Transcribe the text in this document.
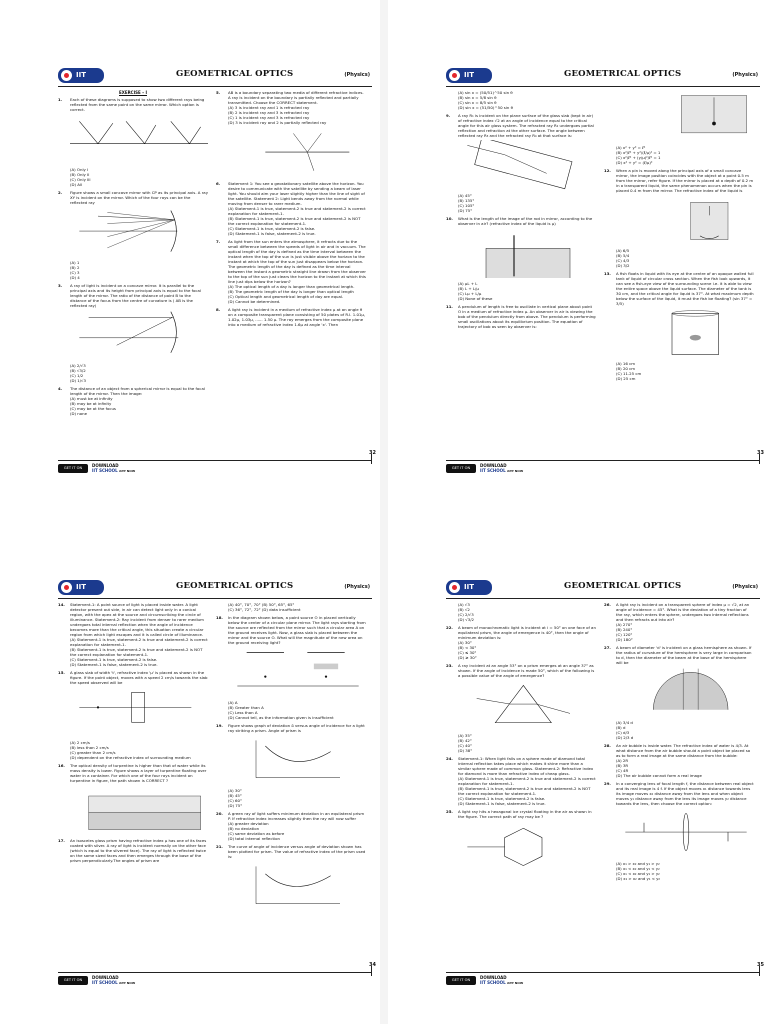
IIT	GEOMETRICAL OPTICS	(Physics)
EXERCISE – I
1. Each of these diagrams is supposed to show two different rays being reflected from the same point on the same mirror. Which option is correct.
(A) Only I
(B) Only II
(C) Only III
(D) All
2. Figure shows a small concave mirror with CP as its principal axis. A ray XY is incident on the mirror. Which of the four rays can be the reflected ray
(A) 1
(B) 2
(C) 3
(D) 4
3. A ray of light is incident on a concave mirror. It is parallel to the principal axis and its height from principal axis is equal to the focal length of the mirror. The ratio of the distance of point B to the distance of the focus from the centre of curvature is ( AB is the reflected ray)
(A) 2/√3
(B) √3/2
(C) 1/2
(D) 1/√3
4. The distance of an object from a spherical mirror is equal to the focal length of the mirror. Then the image:
(A) must be at infinity
(B) may be at infinity
(C) may be at the focus
(D) none
5. AB is a boundary separating two media of different refractive indices. A ray is incident on the boundary is partially reflected and partially transmitted. Choose the CORRECT statement.
(A) 3 is incident ray and 1 is refracted ray
(B) 2 is incident ray and 3 is refracted ray
(C) 1 is incident ray and 3 is refracted ray
(D) 3 is incident ray and 2 is partially reflected ray
6. Statement 1: You see a geostationary satellite above the horizon. You desire to communicate with the satellite by sending a beam of laser light. You should aim your laser slightly higher than the line of sight of the satellite. Statement 2: Light bends away from the normal while moving from denser to rarer medium.
(A) Statement-1 is true, statement-2 is true and statement-2 is correct explanation for statement-1.
(B) Statement-1 is true, statement-2 is true and statement-2 is NOT the correct explanation for statement-1.
(C) Statement-1 is true, statement-2 is false.
(D) Statement-1 is false, statement-2 is true.
7. As light from the sun enters the atmosphere, it refracts due to the small difference between the speeds of light in air and in vacuum. The optical length of the day is defined as the time interval between the instant when the top of the sun is just visible above the horizon to the instant at which the top of the sun just disappears below the horizon. The geometric length of the day is defined as the time interval between the instant a geometric straight line drawn from the observer to the top of the sun just clears the horizon to the instant at which this line just dips below the horizon?
(A) The optical length of a day is longer than geometrical length.
(B) The geometric length of the day is longer than optical length
(C) Optical length and geometrical length of day are equal.
(D) Cannot be determined.
8. A light ray is incident in a medium of refractive index μ at an angle θ on a composite transparent plane consisting of 50 plates of R.I. 1.01μ, 1.02μ, 1.03μ, ...... 1.50 μ. The ray emerges from the composite plane into a medium of refractive index 1.6μ at angle 'x'. Then
32
GET IT ON Google Play
DOWNLOAD
IIT SCHOOL APP NOW
IIT	GEOMETRICAL OPTICS	(Physics)
(A) sin x = (50/51)^50 sin θ
(B) sin x = 5/8 sin θ
(C) sin x = 8/5 sin θ
(D) sin x = (51/50)^50 sin θ
9. A ray R₁ is incident on the plane surface of the glass slab (kept in air) of refractive index √2 at an angle of incidence equal to the critical angle for this air glass system. The refracted ray R₂ undergoes partial reflection and refraction at the other surface. The angle between reflected ray R₃ and the refracted ray R₄ at that surface is:
(A) 45°
(B) 135°
(C) 105°
(D) 75°
10. What is the length of the image of the rod in mirror, according to the observer in air? (refractive index of the liquid is μ)
(A) μL + L
(B) L + L/μ
(C) Lμ + L/μ
(D) None of these
11. A pendulum of length is free to oscillate in vertical plane about point O in a medium of refractive index μ. An observer in air is viewing the bob of the pendulum directly from above. The pendulum is performing small oscillations about its equilibrium position. The equation of trajectory of bob as seen by observer is:
(A) x² + y² = ℓ²
(B) x²/ℓ² + y²/(ℓ/μ)² = 1
(C) x²/ℓ² + (y/μ)²/ℓ² = 1
(D) x² + y² = (ℓ/μ)²
12. When a pin is moved along the principal axis of a small concave mirror, the image position coincides with the object at a point 0.5 m from the mirror, refer figure. If the mirror is placed at a depth of 0.2 m in a transparent liquid, the same phenomenon occurs when the pin is placed 0.4 m from the mirror. The refractive index of the liquid is
(A) 6/5
(B) 5/4
(C) 4/3
(D) 3/2
13. A fish floats in liquid with its eye at the centre of an opaque walled full tank of liquid of circular cross section. When the fish look upwards, it can see a fish-eye view of the surrounding scene i.e. it is able to view the entire space above the liquid surface. The diameter of the tank is 30 cm, and the critical angle for liquid is 37°. At what maximum depth below the surface of the liquid, it must the fish be floating? (sin 37° = 3/5)
(A) 16 cm
(B) 20 cm
(C) 11.25 cm
(D) 25 cm
33
GET IT ON Google Play
DOWNLOAD
IIT SCHOOL APP NOW
IIT	GEOMETRICAL OPTICS	(Physics)
14. Statement-1: A point source of light is placed inside water. A light detector present out side, in air can detect light only in a conical region, with the apex at the source and circumscribing the circle of illuminance. Statement-2: Ray incident from denser to rarer medium undergoes total internal reflection when the angle of incidence becomes more than the critical angle, this situation create a circular region from which light escapes and it is called circle of illuminance.
(A) Statement-1 is true, statement-2 is true and statement-2 is correct explanation for statement-1.
(B) Statement-1 is true, statement-2 is true and statement-2 is NOT the correct explanation for statement-1.
(C) Statement-1 is true, statement-2 is false.
(D) Statement-1 is false, statement-2 is true.
15. A glass slab of width 't', refractive index 'μ' is placed as shown in the figure. If the point object, moves with a speed 2 cm/s towards the slab the speed observed will be
(A) 2 cm/s
(B) less than 2 cm/s
(C) greater than 2 cm/s
(D) dependent on the refractive index of surrounding medium
16. The optical density of turpentine is higher than that of water while its mass density is lower. Figure shows a layer of turpentine floating over water in a container. For which one of the four rays incident on turpentine in figure, the path shown is CORRECT ?
17. An isosceles glass prism having refractive index μ has one of its faces coated with silver. A ray of light is incident normally on the other face (which is equal to the silvered face). The ray of light is reflected twice on the same sized faces and then emerges through the base of the prism perpendicularly.The angles of prism are
(A) 40°, 70°, 70° (B) 50°, 65°, 65°
(C) 36°, 72°, 72° (D) data insufficient
18. In the diagram shown below, a point source O in placed vertically below the center of a circular plane mirror. The light rays starting from the source are reflected from the mirror such that a circular area A on the ground receives light. Now, a glass slab is placed between the mirror and the source O. What will the magnitude of the new area on the ground receiving light?
(A) A
(B) Greater than A
(C) Less than A
(D) Cannot tell, as the information given is insufficient
19. Figure shows graph of deviation δ versus angle of incidence for a light ray striking a prism. Angle of prism is
(A) 30°
(B) 45°
(C) 60°
(D) 75°
20. A green ray of light suffers minimum deviation in an equilateral prism P. If refractive index increases slightly then the ray will now suffer
(A) greater deviation
(B) no deviation
(C) same deviation as before
(D) total internal reflection
21. The curve of angle of incidence versus angle of deviation shown has been plotted for prism. The value of refractive index of the prism used is:
34
GET IT ON Google Play
DOWNLOAD
IIT SCHOOL APP NOW
IIT	GEOMETRICAL OPTICS	(Physics)
(A) √3
(B) √2
(C) 2/√3
(D) √3/2
22. A beam of monochromatic light is incident at i = 50° on one face of an equilateral prism, the angle of emergence is 40°, then the angle of minimum deviation is:
(A) 30°
(B) < 30°
(C) ≤ 30°
(D) ≥ 30°
23. A ray incident at an angle 53° on a prism emerges at an angle 37° as shown. If the angle of incidence is made 50°, which of the following is a possible value of the angle of emergence?
(A) 35°
(B) 42°
(C) 40°
(D) 38°
24. Statement-1: When light falls on a sphere made of diamond total internal reflection takes place which makes it shine more than a similar sphere made of common glass. Statement-2: Refractive index for diamond is more than refractive index of cheap glass.
(A) Statement-1 is true, statement-2 is true and statement-2 is correct explanation for statement-1.
(B) Statement-1 is true, statement-2 is true and statement-2 is NOT the correct explanation for statement-1.
(C) Statement-1 is true, statement-2 is false.
(D) Statement-1 is false, statement-2 is true.
25. A light ray hits a hexagonal ice crystal floating in the air as shown in the figure. The correct path of ray may be ?
26. A light ray is incident on a transparent sphere of index μ = √2, at an angle of incidence = 45°. What is the deviation of a tiny fraction of the ray, which enters the sphere, undergoes two internal reflections and then refracts out into air?
(A) 270°
(B) 240°
(C) 120°
(D) 180°
27. A beam of diameter 'd' is incident on a glass hemisphere as shown. If the radius of curvature of the hemisphere is very large in comparison to d, then the diameter of the beam at the base of the hemisphere will be
(A) 3/4 d
(B) d
(C) d/3
(D) 2/3 d
28. An air bubble is inside water. The refractive index of water is 4/3. At what distance from the air bubble should a point object be placed so as to form a real image at the same distance from the bubble:
(A) 2R
(B) 3R
(C) 4R
(D) The air bubble cannot form a real image
29. In a converging lens of focal length f, the distance between real object and its real image is 4 f. If the object moves x₁ distance towards lens its image moves x₂ distance away from the lens and when object moves y₁ distance away from the lens its image moves y₂ distance towards the lens, then choose the correct option:
(A) x₁ > x₂ and y₁ > y₂
(B) x₁ < x₂ and y₁ < y₂
(C) x₁ < x₂ and y₁ > y₂
(D) x₁ > x₂ and y₁ < y₂
35
GET IT ON Google Play
DOWNLOAD
IIT SCHOOL APP NOW
